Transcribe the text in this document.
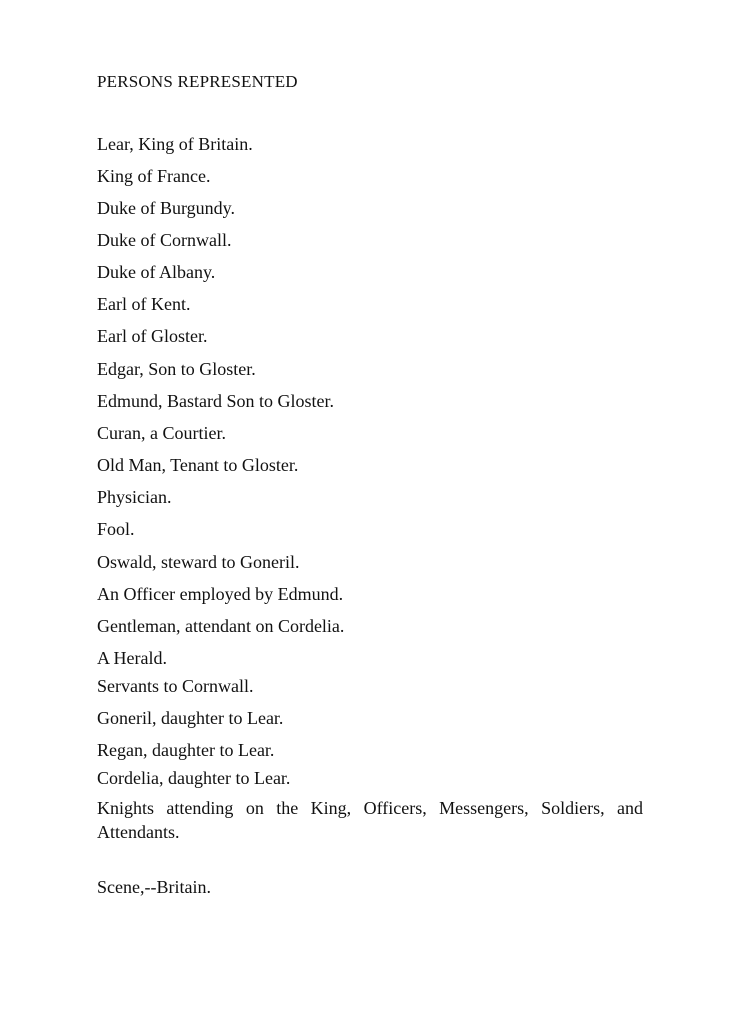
PERSONS REPRESENTED
Lear, King of Britain.
King of France.
Duke of Burgundy.
Duke of Cornwall.
Duke of Albany.
Earl of Kent.
Earl of Gloster.
Edgar, Son to Gloster.
Edmund, Bastard Son to Gloster.
Curan, a Courtier.
Old Man, Tenant to Gloster.
Physician.
Fool.
Oswald, steward to Goneril.
An Officer employed by Edmund.
Gentleman, attendant on Cordelia.
A Herald.
Servants to Cornwall.
Goneril, daughter to Lear.
Regan, daughter to Lear.
Cordelia, daughter to Lear.
Knights attending on the King, Officers, Messengers, Soldiers, and Attendants.
Scene,--Britain.
